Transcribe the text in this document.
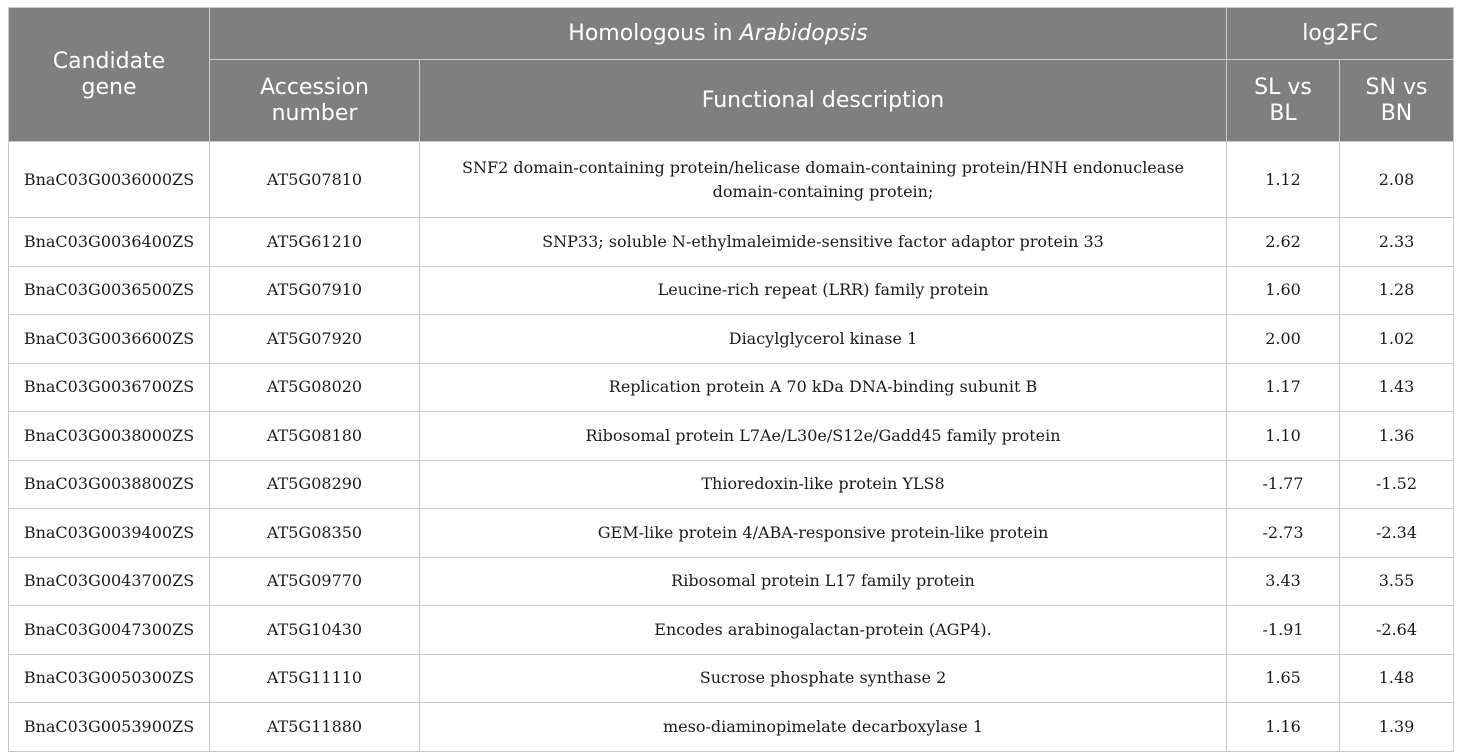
Candidate gene	Homologous in Arabidopsis		log2FC	
	Accession number	Functional description	SL vs BL	SN vs BN
BnaC03G0036000ZS	AT5G07810	SNF2 domain-containing protein/helicase domain-containing protein/HNH endonuclease domain-containing protein;	1.12	2.08
BnaC03G0036400ZS	AT5G61210	SNP33; soluble N-ethylmaleimide-sensitive factor adaptor protein 33	2.62	2.33
BnaC03G0036500ZS	AT5G07910	Leucine-rich repeat (LRR) family protein	1.60	1.28
BnaC03G0036600ZS	AT5G07920	Diacylglycerol kinase 1	2.00	1.02
BnaC03G0036700ZS	AT5G08020	Replication protein A 70 kDa DNA-binding subunit B	1.17	1.43
BnaC03G0038000ZS	AT5G08180	Ribosomal protein L7Ae/L30e/S12e/Gadd45 family protein	1.10	1.36
BnaC03G0038800ZS	AT5G08290	Thioredoxin-like protein YLS8	-1.77	-1.52
BnaC03G0039400ZS	AT5G08350	GEM-like protein 4/ABA-responsive protein-like protein	-2.73	-2.34
BnaC03G0043700ZS	AT5G09770	Ribosomal protein L17 family protein	3.43	3.55
BnaC03G0047300ZS	AT5G10430	Encodes arabinogalactan-protein (AGP4).	-1.91	-2.64
BnaC03G0050300ZS	AT5G11110	Sucrose phosphate synthase 2	1.65	1.48
BnaC03G0053900ZS	AT5G11880	meso-diaminopimelate decarboxylase 1	1.16	1.39
